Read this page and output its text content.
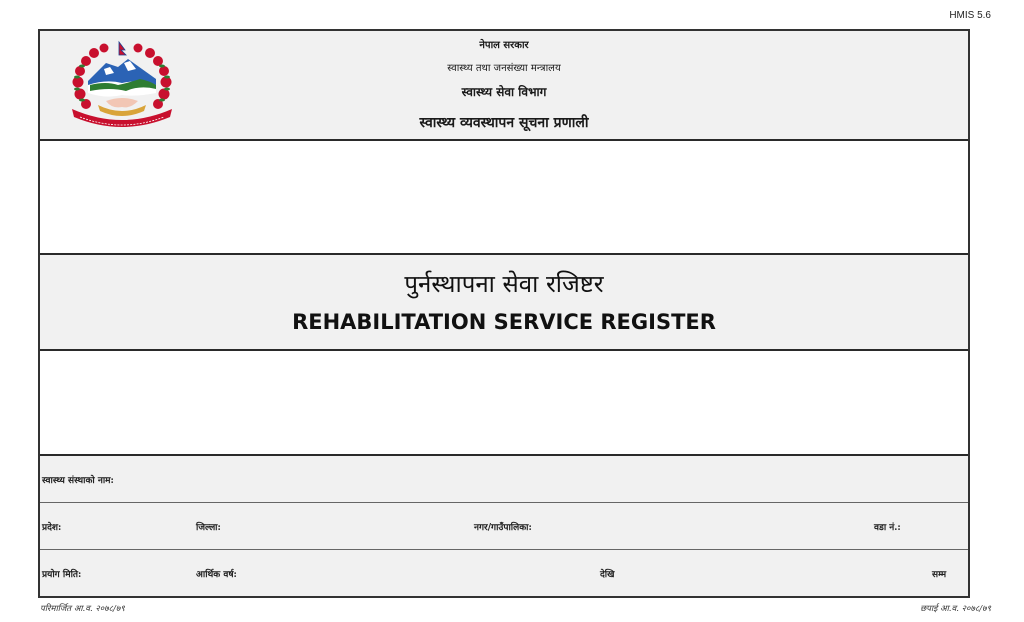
HMIS 5.6
नेपाल सरकार
स्वास्थ्य तथा जनसंख्या मन्त्रालय
स्वास्थ्य सेवा विभाग
स्वास्थ्य व्यवस्थापन सूचना प्रणाली
पुर्नस्थापना सेवा रजिष्टर
REHABILITATION SERVICE REGISTER
स्वास्थ्य संस्थाको नाम:
प्रदेश:	जिल्ला:	नगर/गाउँपालिका:	वडा नं.:
प्रयोग मिति:	आर्थिक वर्ष:	देखि	सम्म
परिमार्जित आ.व. २०७८/७९	छपाई आ.व. २०७८/७९
